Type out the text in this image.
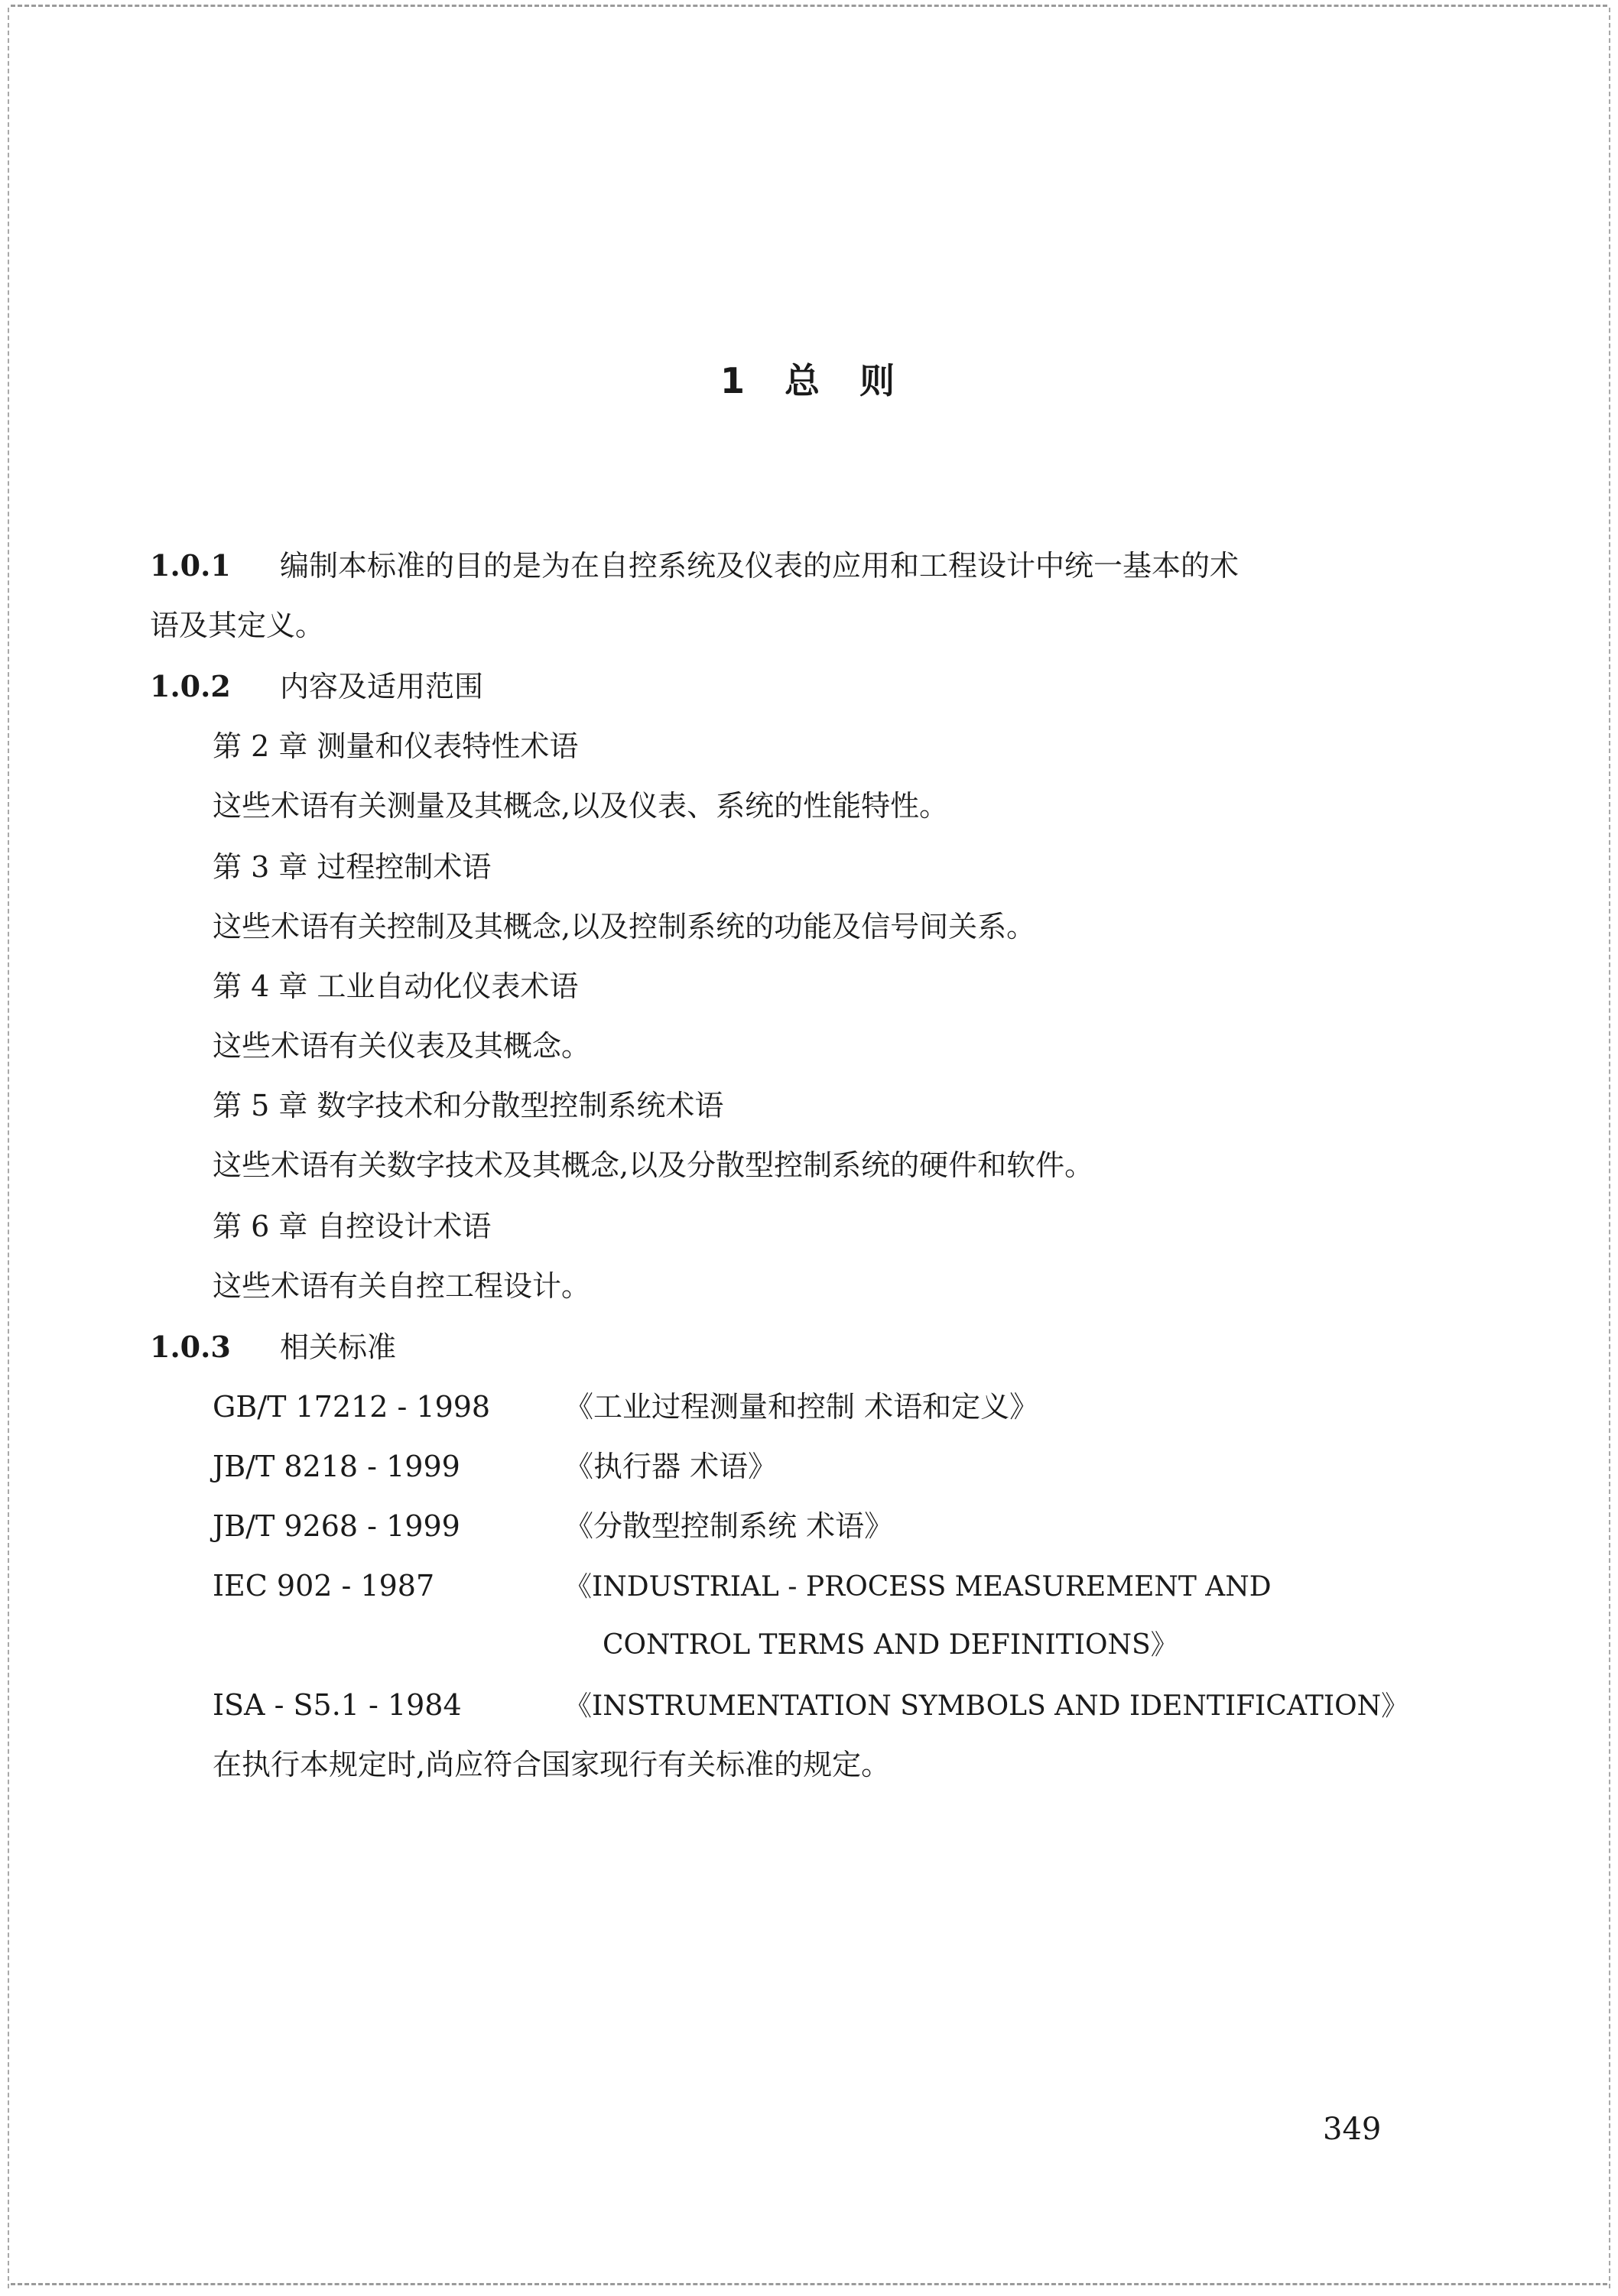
1 总 则
1.0.1 编制本标准的目的是为在自控系统及仪表的应用和工程设计中统一基本的术
语及其定义。
1.0.2 内容及适用范围
第 2 章 测量和仪表特性术语
这些术语有关测量及其概念,以及仪表、系统的性能特性。
第 3 章 过程控制术语
这些术语有关控制及其概念,以及控制系统的功能及信号间关系。
第 4 章 工业自动化仪表术语
这些术语有关仪表及其概念。
第 5 章 数字技术和分散型控制系统术语
这些术语有关数字技术及其概念,以及分散型控制系统的硬件和软件。
第 6 章 自控设计术语
这些术语有关自控工程设计。
1.0.3 相关标准
GB/T 17212 - 1998	《工业过程测量和控制 术语和定义》
JB/T 8218 - 1999	《执行器 术语》
JB/T 9268 - 1999	《分散型控制系统 术语》
IEC 902 - 1987	《INDUSTRIAL - PROCESS MEASUREMENT AND
CONTROL TERMS AND DEFINITIONS》
ISA - S5.1 - 1984	《INSTRUMENTATION SYMBOLS AND IDENTIFICATION》
在执行本规定时,尚应符合国家现行有关标准的规定。
349
